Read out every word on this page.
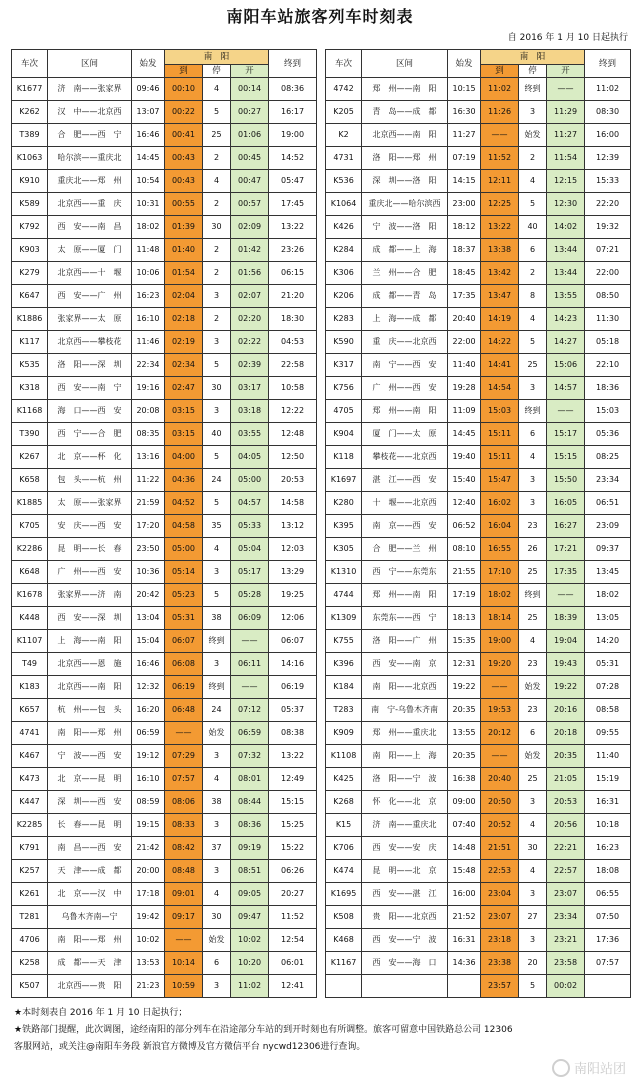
南阳车站旅客列车时刻表
自 2016 年 1 月 10 日起执行
车次	区间	始发	南　阳			终到
			到	停	开	
K1677	济　南——张家界	09:46	00:10	4	00:14	08:36
K262	汉　中——北京西	13:07	00:22	5	00:27	16:17
T389	合　肥——西　宁	16:46	00:41	25	01:06	19:00
K1063	哈尔滨——重庆北	14:45	00:43	2	00:45	14:52
K910	重庆北——郑　州	10:54	00:43	4	00:47	05:47
K589	北京西——重　庆	10:31	00:55	2	00:57	17:45
K792	西　安——南　昌	18:02	01:39	30	02:09	13:22
K903	太　原——厦　门	11:48	01:40	2	01:42	23:26
K279	北京西——十　堰	10:06	01:54	2	01:56	06:15
K647	西　安——广　州	16:23	02:04	3	02:07	21:20
K1886	张家界——太　原	16:10	02:18	2	02:20	18:30
K117	北京西——攀枝花	11:46	02:19	3	02:22	04:53
K535	洛　阳——深　圳	22:34	02:34	5	02:39	22:58
K318	西　安——南　宁	19:16	02:47	30	03:17	10:58
K1168	海　口——西　安	20:08	03:15	3	03:18	12:22
T390	西　宁——合　肥	08:35	03:15	40	03:55	12:48
K267	北　京——杯　化	13:16	04:00	5	04:05	12:50
K658	包　头——杭　州	11:22	04:36	24	05:00	20:53
K1885	太　原——张家界	21:59	04:52	5	04:57	14:58
K705	安　庆——西　安	17:20	04:58	35	05:33	13:12
K2286	昆　明——长　春	23:50	05:00	4	05:04	12:03
K648	广　州——西　安	10:36	05:14	3	05:17	13:29
K1678	张家界——济　南	20:42	05:23	5	05:28	19:25
K448	西　安——深　圳	13:04	05:31	38	06:09	12:06
K1107	上　海——南　阳	15:04	06:07	终到	——	06:07
T49	北京西——恩　施	16:46	06:08	3	06:11	14:16
K183	北京西——南　阳	12:32	06:19	终到	——	06:19
K657	杭　州——包　头	16:20	06:48	24	07:12	05:37
4741	南　阳——郑　州	06:59	——	始发	06:59	08:38
K467	宁　波——西　安	19:12	07:29	3	07:32	13:22
K473	北　京——昆　明	16:10	07:57	4	08:01	12:49
K447	深　圳——西　安	08:59	08:06	38	08:44	15:15
K2285	长　春——昆　明	19:15	08:33	3	08:36	15:25
K791	南　昌——西　安	21:42	08:42	37	09:19	15:22
K257	天　津——成　都	20:00	08:48	3	08:51	06:26
K261	北　京——汉　中	17:18	09:01	4	09:05	20:27
T281	乌鲁木齐南—宁	19:42	09:17	30	09:47	11:52
4706	南　阳——郑　州	10:02	——	始发	10:02	12:54
K258	成　都——天　津	13:53	10:14	6	10:20	06:01
K507	北京西——贵　阳	21:23	10:59	3	11:02	12:41
车次	区间	始发	南　阳			终到
			到	停	开	
4742	郑　州——南　阳	10:15	11:02	终到	——	11:02
K205	青　岛——成　都	16:30	11:26	3	11:29	08:30
K2	北京西——南　阳	11:27	——	始发	11:27	16:00
4731	洛　阳——郑　州	07:19	11:52	2	11:54	12:39
K536	深　圳——洛　阳	14:15	12:11	4	12:15	15:33
K1064	重庆北——哈尔滨西	23:00	12:25	5	12:30	22:20
K426	宁　波——洛　阳	18:12	13:22	40	14:02	19:32
K284	成　都——上　海	18:37	13:38	6	13:44	07:21
K306	兰　州——合　肥	18:45	13:42	2	13:44	22:00
K206	成　都——青　岛	17:35	13:47	8	13:55	08:50
K283	上　海——成　都	20:40	14:19	4	14:23	11:30
K590	重　庆——北京西	22:00	14:22	5	14:27	05:18
K317	南　宁——西　安	11:40	14:41	25	15:06	22:10
K756	广　州——西　安	19:28	14:54	3	14:57	18:36
4705	郑　州——南　阳	11:09	15:03	终到	——	15:03
K904	厦　门——太　原	14:45	15:11	6	15:17	05:36
K118	攀枝花——北京西	19:40	15:11	4	15:15	08:25
K1697	湛　江——西　安	15:40	15:47	3	15:50	23:34
K280	十　堰——北京西	12:40	16:02	3	16:05	06:51
K395	南　京——西　安	06:52	16:04	23	16:27	23:09
K305	合　肥——兰　州	08:10	16:55	26	17:21	09:37
K1310	西　宁——东莞东	21:55	17:10	25	17:35	13:45
4744	郑　州——南　阳	17:19	18:02	终到	——	18:02
K1309	东莞东——西　宁	18:13	18:14	25	18:39	13:05
K755	洛　阳——广　州	15:35	19:00	4	19:04	14:20
K396	西　安——南　京	12:31	19:20	23	19:43	05:31
K184	南　阳——北京西	19:22	——	始发	19:22	07:28
T283	南　宁-乌鲁木齐南	20:35	19:53	23	20:16	08:58
K909	郑　州——重庆北	13:55	20:12	6	20:18	09:55
K1108	南　阳——上　海	20:35	——	始发	20:35	11:40
K425	洛　阳——宁　波	16:38	20:40	25	21:05	15:19
K268	怀　化——北　京	09:00	20:50	3	20:53	16:31
K15	济　南——重庆北	07:40	20:52	4	20:56	10:18
K706	西　安——安　庆	14:48	21:51	30	22:21	16:23
K474	昆　明——北　京	15:48	22:53	4	22:57	18:08
K1695	西　安——湛　江	16:00	23:04	3	23:07	06:55
K508	贵　阳——北京西	21:52	23:07	27	23:34	07:50
K468	西　安——宁　波	16:31	23:18	3	23:21	17:36
K1167	西　安——海　口	14:36	23:38	20	23:58	07:57
			23:57	5	00:02	
★本时刻表自 2016 年 1 月 10 日起执行；
★铁路部门提醒，此次调图，途经南阳的部分列车在沿途部分车站的到开时刻也有所调整。旅客可留意中国铁路总公司 12306
客服网站，或关注@南阳车务段 新浪官方微博及官方微信平台 nycwd12306进行查询。
南阳站团
